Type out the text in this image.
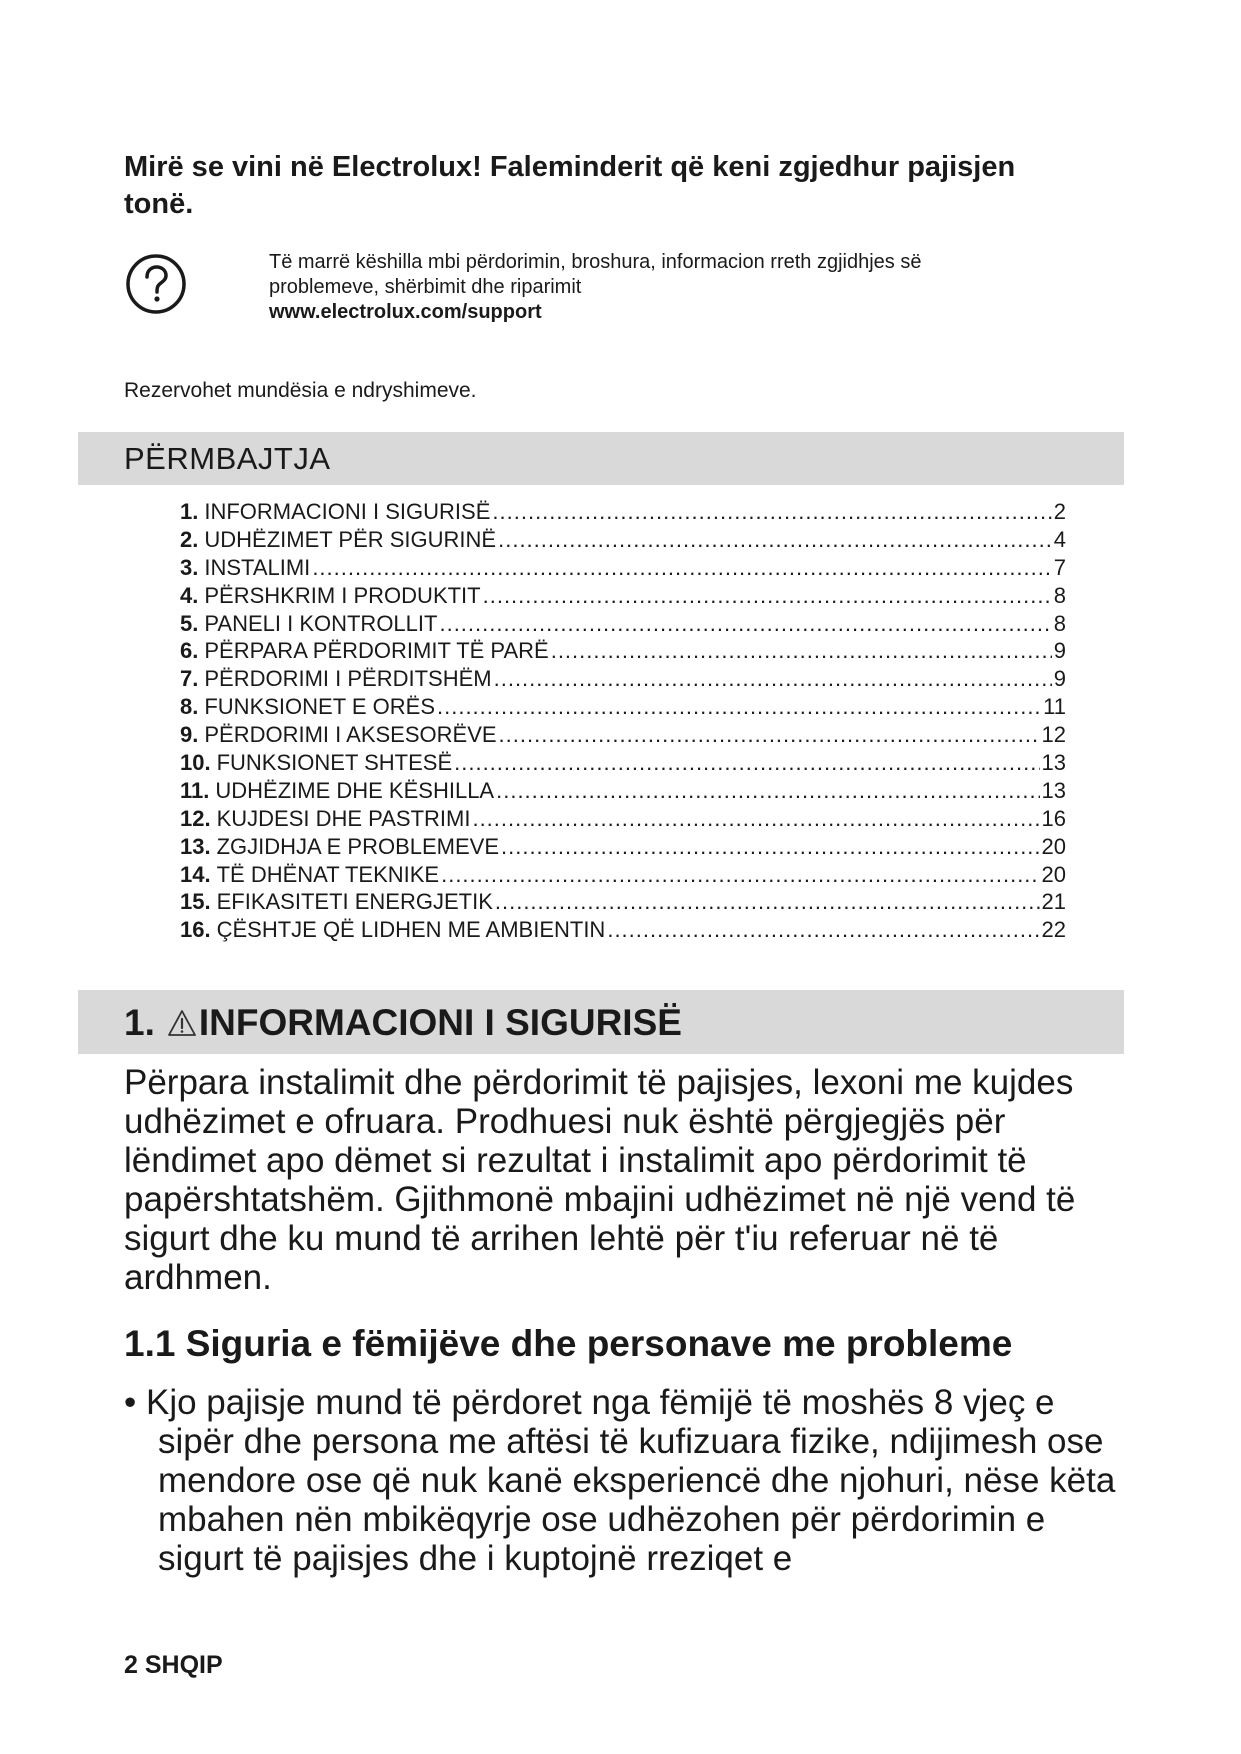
Mirë se vini në Electrolux! Faleminderit që keni zgjedhur pajisjen tonë.
Të marrë këshilla mbi përdorimin, broshura, informacion rreth zgjidhjes së
problemeve, shërbimit dhe riparimit
www.electrolux.com/support
Rezervohet mundësia e ndryshimeve.
PËRMBAJTJA
1. INFORMACIONI I SIGURISË .....	2
2. UDHËZIMET PËR SIGURINË .....	4
3. INSTALIMI .....	7
4. PËRSHKRIM I PRODUKTIT .....	8
5. PANELI I KONTROLLIT .....	8
6. PËRPARA PËRDORIMIT TË PARË .....	9
7. PËRDORIMI I PËRDITSHËM .....	9
8. FUNKSIONET E ORËS .....	11
9. PËRDORIMI I AKSESORËVE .....	12
10. FUNKSIONET SHTESË .....	13
11. UDHËZIME DHE KËSHILLA .....	13
12. KUJDESI DHE PASTRIMI .....	16
13. ZGJIDHJA E PROBLEMEVE .....	20
14. TË DHËNAT TEKNIKE .....	20
15. EFIKASITETI ENERGJETIK .....	21
16. ÇËSHTJE QË LIDHEN ME AMBIENTIN .....	22
1. INFORMACIONI I SIGURISË

Përpara instalimit dhe përdorimit të pajisjes, lexoni me kujdes udhëzimet e ofruara. Prodhuesi nuk është përgjegjës për lëndimet apo dëmet si rezultat i instalimit apo përdorimit të papërshtatshëm. Gjithmonë mbajini udhëzimet në një vend të sigurt dhe ku mund të arrihen lehtë për t'iu referuar në të ardhmen.

1.1 Siguria e fëmijëve dhe personave me probleme

• Kjo pajisje mund të përdoret nga fëmijë të moshës 8 vjeç e sipër dhe persona me aftësi të kufizuara fizike, ndijimesh ose mendore ose që nuk kanë eksperiencë dhe njohuri, nëse këta mbahen nën mbikëqyrje ose udhëzohen për përdorimin e sigurt të pajisjes dhe i kuptojnë rreziqet e

2 SHQIP
